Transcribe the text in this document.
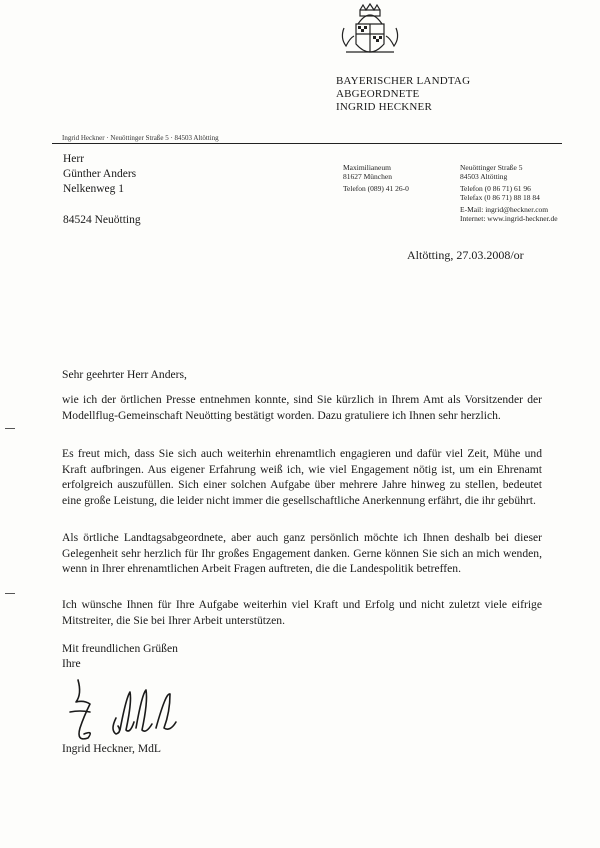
BAYERISCHER LANDTAG
ABGEORDNETE
INGRID HECKNER
Ingrid Heckner · Neuöttinger Straße 5 · 84503 Altötting
Herr
Günther Anders
Nelkenweg 1
84524 Neuötting
Maximilianeum
81627 München
Telefon (089) 41 26-0
Neuöttinger Straße 5
84503 Altötting
Telefon (0 86 71) 61 96
Telefax (0 86 71) 88 18 84
E-Mail: ingrid@heckner.com
Internet: www.ingrid-heckner.de
Altötting, 27.03.2008/or
Sehr geehrter Herr Anders,

wie ich der örtlichen Presse entnehmen konnte, sind Sie kürzlich in Ihrem Amt als Vorsitzender der Modellflug-Gemeinschaft Neuötting bestätigt worden. Dazu gratuliere ich Ihnen sehr herzlich.

Es freut mich, dass Sie sich auch weiterhin ehrenamtlich engagieren und dafür viel Zeit, Mühe und Kraft aufbringen. Aus eigener Erfahrung weiß ich, wie viel Engagement nötig ist, um ein Ehrenamt erfolgreich auszufüllen. Sich einer solchen Aufgabe über mehrere Jahre hinweg zu stellen, bedeutet eine große Leistung, die leider nicht immer die gesellschaftliche Anerkennung erfährt, die ihr gebührt.

Als örtliche Landtagsabgeordnete, aber auch ganz persönlich möchte ich Ihnen deshalb bei dieser Gelegenheit sehr herzlich für Ihr großes Engagement danken. Gerne können Sie sich an mich wenden, wenn in Ihrer ehrenamtlichen Arbeit Fragen auftreten, die die Landespolitik betreffen.

Ich wünsche Ihnen für Ihre Aufgabe weiterhin viel Kraft und Erfolg und nicht zuletzt viele eifrige Mitstreiter, die Sie bei Ihrer Arbeit unterstützen.

Mit freundlichen Grüßen
Ihre
Ingrid Heckner, MdL
